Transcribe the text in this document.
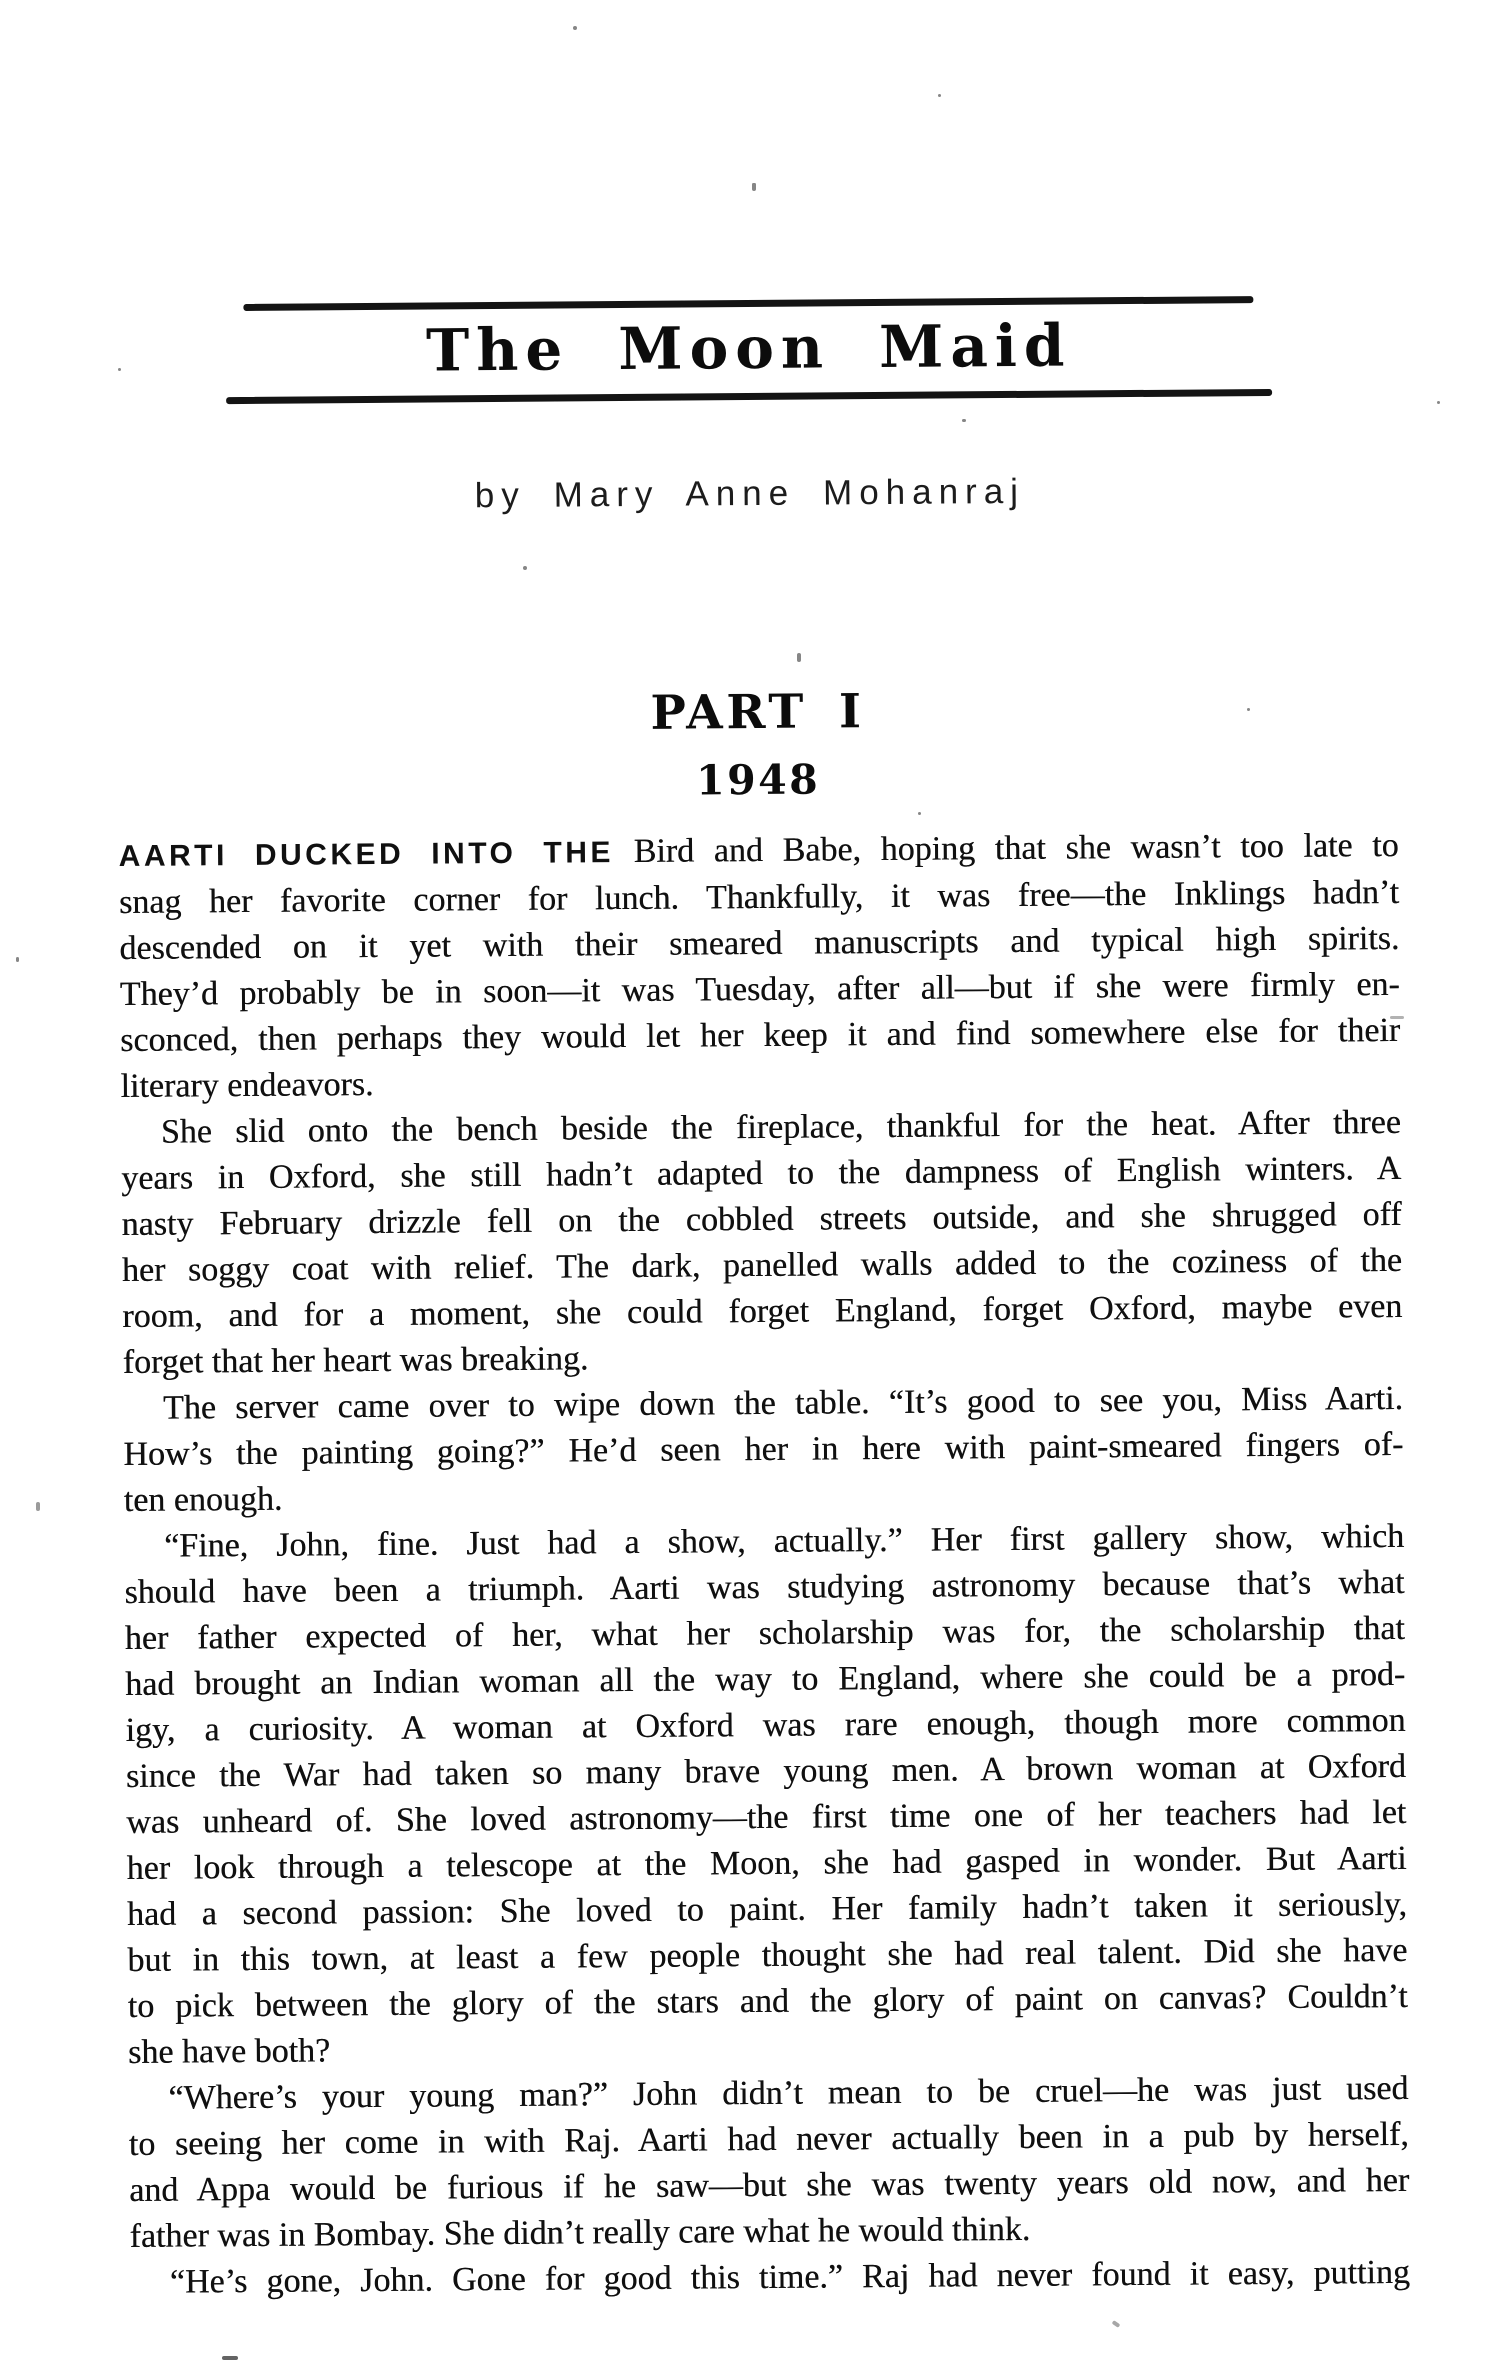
The Moon Maid
by Mary Anne Mohanraj
PART I
1948
AARTI DUCKED INTO THE Bird and Babe, hoping that she wasn’t too late to
snag her favorite corner for lunch. Thankfully, it was free—the Inklings hadn’t
descended on it yet with their smeared manuscripts and typical high spirits.
They’d probably be in soon—it was Tuesday, after all—but if she were firmly en-
sconced, then perhaps they would let her keep it and find somewhere else for their
literary endeavors.
She slid onto the bench beside the fireplace, thankful for the heat. After three
years in Oxford, she still hadn’t adapted to the dampness of English winters. A
nasty February drizzle fell on the cobbled streets outside, and she shrugged off
her soggy coat with relief. The dark, panelled walls added to the coziness of the
room, and for a moment, she could forget England, forget Oxford, maybe even
forget that her heart was breaking.
The server came over to wipe down the table. “It’s good to see you, Miss Aarti.
How’s the painting going?” He’d seen her in here with paint-smeared fingers of-
ten enough.
“Fine, John, fine. Just had a show, actually.” Her first gallery show, which
should have been a triumph. Aarti was studying astronomy because that’s what
her father expected of her, what her scholarship was for, the scholarship that
had brought an Indian woman all the way to England, where she could be a prod-
igy, a curiosity. A woman at Oxford was rare enough, though more common
since the War had taken so many brave young men. A brown woman at Oxford
was unheard of. She loved astronomy—the first time one of her teachers had let
her look through a telescope at the Moon, she had gasped in wonder. But Aarti
had a second passion: She loved to paint. Her family hadn’t taken it seriously,
but in this town, at least a few people thought she had real talent. Did she have
to pick between the glory of the stars and the glory of paint on canvas? Couldn’t
she have both?
“Where’s your young man?” John didn’t mean to be cruel—he was just used
to seeing her come in with Raj. Aarti had never actually been in a pub by herself,
and Appa would be furious if he saw—but she was twenty years old now, and her
father was in Bombay. She didn’t really care what he would think.
“He’s gone, John. Gone for good this time.” Raj had never found it easy, putting
